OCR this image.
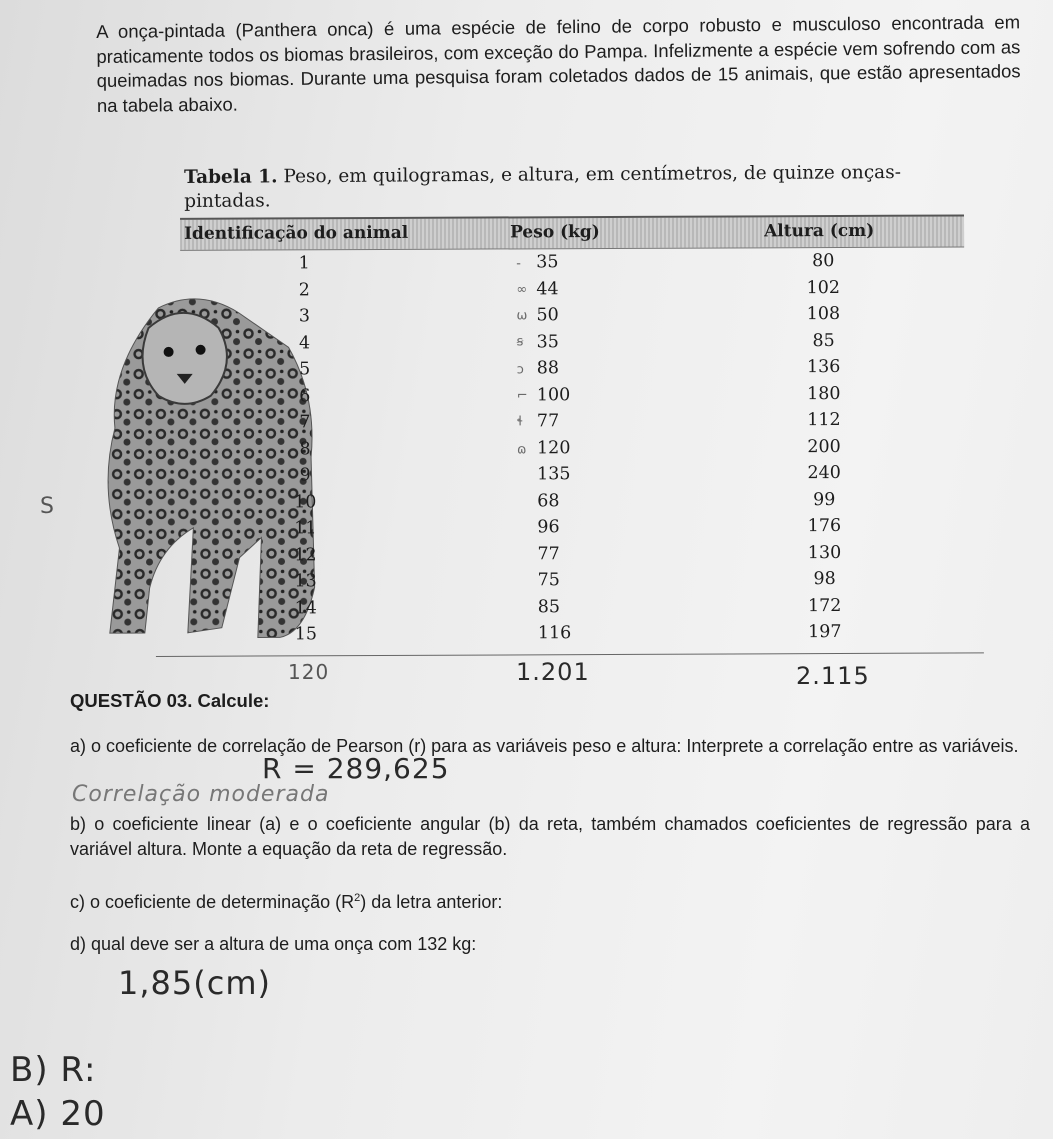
A onça-pintada (Panthera onca) é uma espécie de felino de corpo robusto e musculoso encontrada em praticamente todos os biomas brasileiros, com exceção do Pampa. Infelizmente a espécie vem sofrendo com as queimadas nos biomas. Durante uma pesquisa foram coletados dados de 15 animais, que estão apresentados na tabela abaixo.

Tabela 1. Peso, em quilogramas, e altura, em centímetros, de quinze onças-pintadas.
Identificação do animal	Peso (kg)	Altura (cm)
1	35	80
2	44	102
3	50	108
4	35	85
5	88	136
6	100	180
7	77	112
8	120	200
9	135	240
10	68	99
11	96	176
12	77	130
13	75	98
14	85	172
15	116	197
-
∞
ω
ꞩ
ɔ
⌐
ɬ
ɷ
120	1.201	2.115
S
QUESTÃO 03. Calcule:
a) o coeficiente de correlação de Pearson (r) para as variáveis peso e altura: Interprete a correlação entre as variáveis.
R = 289,625
Correlação moderada
b) o coeficiente linear (a) e o coeficiente angular (b) da reta, também chamados coeficientes de regressão para a variável altura. Monte a equação da reta de regressão.
c) o coeficiente de determinação $(R^2)$ da letra anterior:
d) qual deve ser a altura de uma onça com 132 kg:
1,85(cm)
B) R:
A) 20
